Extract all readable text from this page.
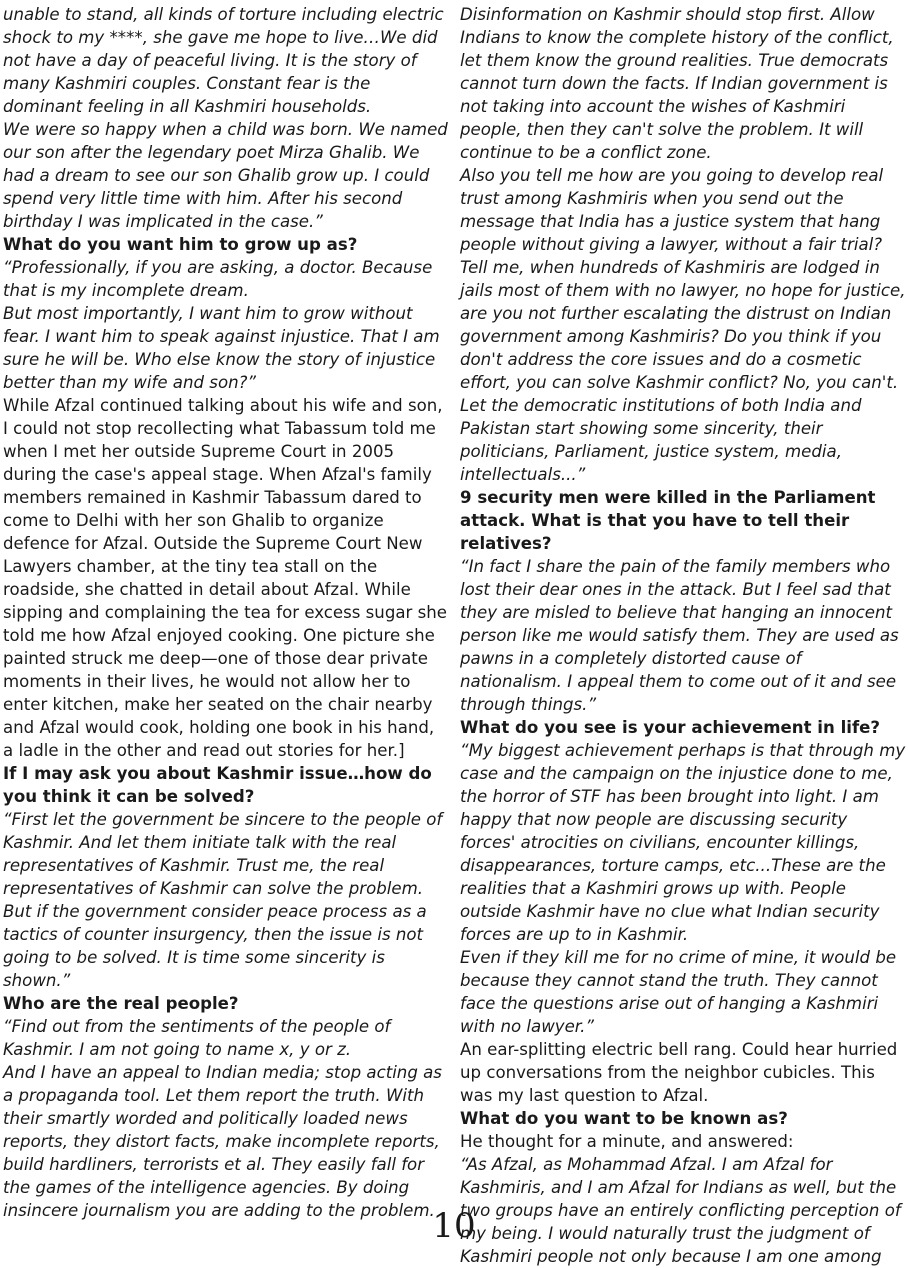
unable to stand, all kinds of torture including electric shock to my ****, she gave me hope to live…We did not have a day of peaceful living. It is the story of many Kashmiri couples. Constant fear is the dominant feeling in all Kashmiri households.

We were so happy when a child was born. We named our son after the legendary poet Mirza Ghalib. We had a dream to see our son Ghalib grow up. I could spend very little time with him. After his second birthday I was implicated in the case.”

What do you want him to grow up as?

“Professionally, if you are asking, a doctor. Because that is my incomplete dream.

But most importantly, I want him to grow without fear. I want him to speak against injustice. That I am sure he will be. Who else know the story of injustice better than my wife and son?”

While Afzal continued talking about his wife and son, I could not stop recollecting what Tabassum told me when I met her outside Supreme Court in 2005 during the case's appeal stage. When Afzal's family members remained in Kashmir Tabassum dared to come to Delhi with her son Ghalib to organize defence for Afzal. Outside the Supreme Court New Lawyers chamber, at the tiny tea stall on the roadside, she chatted in detail about Afzal. While sipping and complaining the tea for excess sugar she told me how Afzal enjoyed cooking. One picture she painted struck me deep—one of those dear private moments in their lives, he would not allow her to enter kitchen, make her seated on the chair nearby and Afzal would cook, holding one book in his hand, a ladle in the other and read out stories for her.]

If I may ask you about Kashmir issue…how do you think it can be solved?

“First let the government be sincere to the people of Kashmir. And let them initiate talk with the real representatives of Kashmir. Trust me, the real representatives of Kashmir can solve the problem. But if the government consider peace process as a tactics of counter insurgency, then the issue is not going to be solved. It is time some sincerity is shown.”

Who are the real people?

“Find out from the sentiments of the people of Kashmir. I am not going to name x, y or z.

And I have an appeal to Indian media; stop acting as a propaganda tool. Let them report the truth. With their smartly worded and politically loaded news reports, they distort facts, make incomplete reports, build hardliners, terrorists et al. They easily fall for the games of the intelligence agencies. By doing insincere journalism you are adding to the problem.

Disinformation on Kashmir should stop first. Allow Indians to know the complete history of the conflict, let them know the ground realities. True democrats cannot turn down the facts. If Indian government is not taking into account the wishes of Kashmiri people, then they can't solve the problem. It will continue to be a conflict zone.

Also you tell me how are you going to develop real trust among Kashmiris when you send out the message that India has a justice system that hang people without giving a lawyer, without a fair trial? Tell me, when hundreds of Kashmiris are lodged in jails most of them with no lawyer, no hope for justice, are you not further escalating the distrust on Indian government among Kashmiris? Do you think if you don't address the core issues and do a cosmetic effort, you can solve Kashmir conflict? No, you can't. Let the democratic institutions of both India and Pakistan start showing some sincerity, their politicians, Parliament, justice system, media, intellectuals...”

9 security men were killed in the Parliament attack. What is that you have to tell their relatives?

“In fact I share the pain of the family members who lost their dear ones in the attack. But I feel sad that they are misled to believe that hanging an innocent person like me would satisfy them. They are used as pawns in a completely distorted cause of nationalism. I appeal them to come out of it and see through things.”

What do you see is your achievement in life?

“My biggest achievement perhaps is that through my case and the campaign on the injustice done to me, the horror of STF has been brought into light. I am happy that now people are discussing security forces' atrocities on civilians, encounter killings, disappearances, torture camps, etc...These are the realities that a Kashmiri grows up with. People outside Kashmir have no clue what Indian security forces are up to in Kashmir.

Even if they kill me for no crime of mine, it would be because they cannot stand the truth. They cannot face the questions arise out of hanging a Kashmiri with no lawyer.”

An ear-splitting electric bell rang. Could hear hurried up conversations from the neighbor cubicles. This was my last question to Afzal.

What do you want to be known as?

He thought for a minute, and answered:

“As Afzal, as Mohammad Afzal. I am Afzal for Kashmiris, and I am Afzal for Indians as well, but the two groups have an entirely conflicting perception of my being. I would naturally trust the judgment of Kashmiri people not only because I am one among

10
